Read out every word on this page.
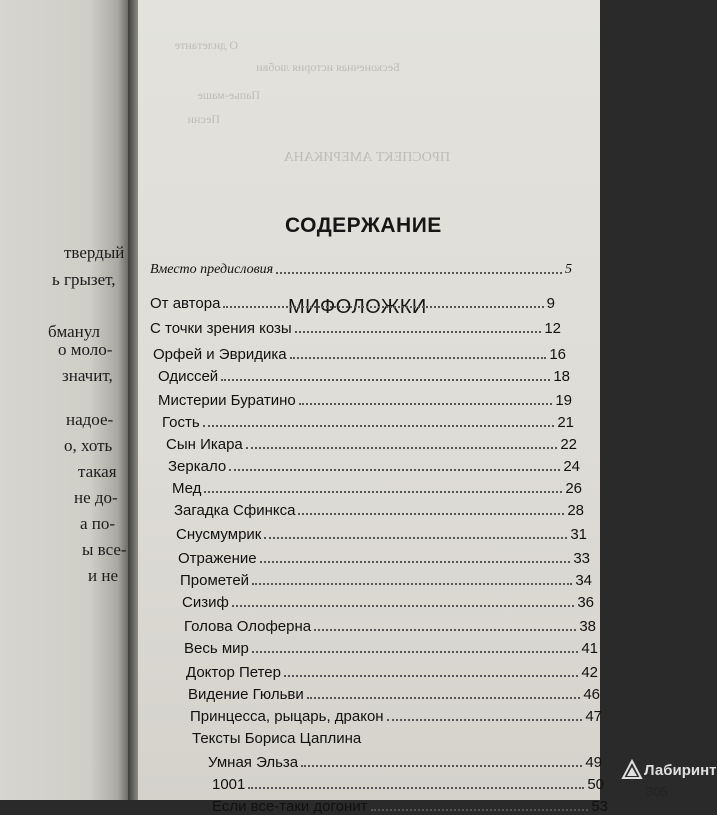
твердый
ь грызет,
бманул
о моло-
значит,
надое-
о, хоть
такая
не до-
а по-
ы все-
и не
ПРОСПЕКТ АМЕРИКАНА
О дилетанте
Бесконечная история любви
Папье-маше
Песни
СОДЕРЖАНИЕ
Вместо предисловия	5
МИФОЛОЖКИ
От автора	9
С точки зрения козы	12
Орфей и Эвридика	16
Одиссей	18
Мистерии Буратино	19
Гость	21
Сын Икара	22
Зеркало	24
Мед	26
Загадка Сфинкса	28
Снусмумрик	31
Отражение	33
Прометей	34
Сизиф	36
Голова Олоферна	38
Весь мир	41
Доктор Петер	42
Видение Гюльви	46
Принцесса, рыцарь, дракон	47
Тексты Бориса Цаплина
Умная Эльза	49
1001	50
Если все-таки догонит	53
305
Лабиринт
